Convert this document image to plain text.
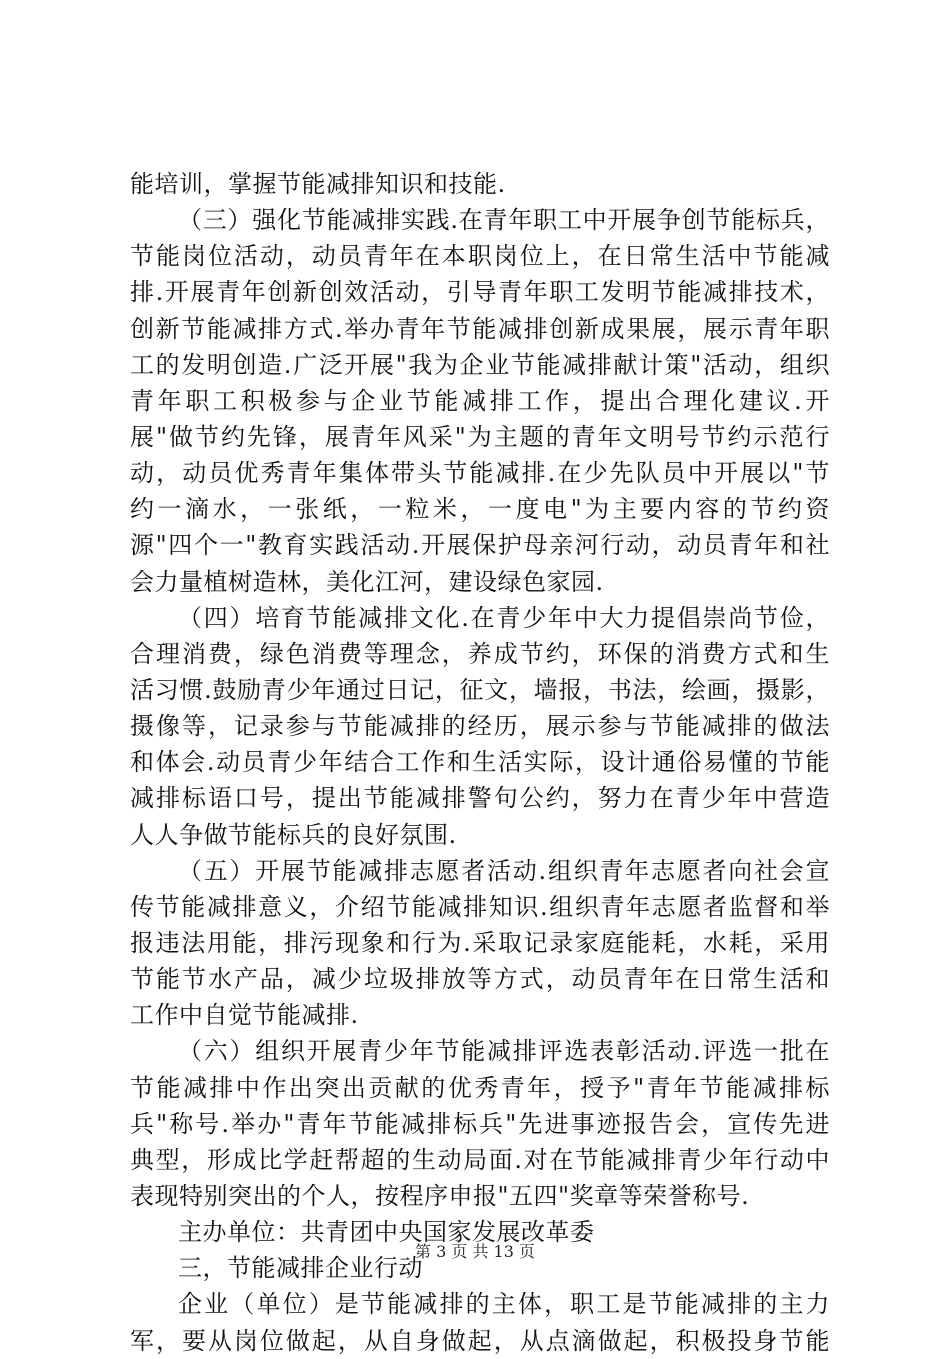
能培训，掌握节能减排知识和技能.
（三）强化节能减排实践.在青年职工中开展争创节能标兵，
节能岗位活动，动员青年在本职岗位上，在日常生活中节能减
排.开展青年创新创效活动，引导青年职工发明节能减排技术，
创新节能减排方式.举办青年节能减排创新成果展，展示青年职
工的发明创造.广泛开展"我为企业节能减排献计策"活动，组织
青年职工积极参与企业节能减排工作，提出合理化建议.开
展"做节约先锋，展青年风采"为主题的青年文明号节约示范行
动，动员优秀青年集体带头节能减排.在少先队员中开展以"节
约一滴水，一张纸，一粒米，一度电"为主要内容的节约资
源"四个一"教育实践活动.开展保护母亲河行动，动员青年和社
会力量植树造林，美化江河，建设绿色家园.
（四）培育节能减排文化.在青少年中大力提倡崇尚节俭，
合理消费，绿色消费等理念，养成节约，环保的消费方式和生
活习惯.鼓励青少年通过日记，征文，墙报，书法，绘画，摄影，
摄像等，记录参与节能减排的经历，展示参与节能减排的做法
和体会.动员青少年结合工作和生活实际，设计通俗易懂的节能
减排标语口号，提出节能减排警句公约，努力在青少年中营造
人人争做节能标兵的良好氛围.
（五）开展节能减排志愿者活动.组织青年志愿者向社会宣
传节能减排意义，介绍节能减排知识.组织青年志愿者监督和举
报违法用能，排污现象和行为.采取记录家庭能耗，水耗，采用
节能节水产品，减少垃圾排放等方式，动员青年在日常生活和
工作中自觉节能减排.
（六）组织开展青少年节能减排评选表彰活动.评选一批在
节能减排中作出突出贡献的优秀青年，授予"青年节能减排标
兵"称号.举办"青年节能减排标兵"先进事迹报告会，宣传先进
典型，形成比学赶帮超的生动局面.对在节能减排青少年行动中
表现特别突出的个人，按程序申报"五四"奖章等荣誉称号.
主办单位：共青团中央国家发展改革委
三，节能减排企业行动
企业（单位）是节能减排的主体，职工是节能减排的主力
军，要从岗位做起，从自身做起，从点滴做起，积极投身节能
第 3 页 共 13 页
